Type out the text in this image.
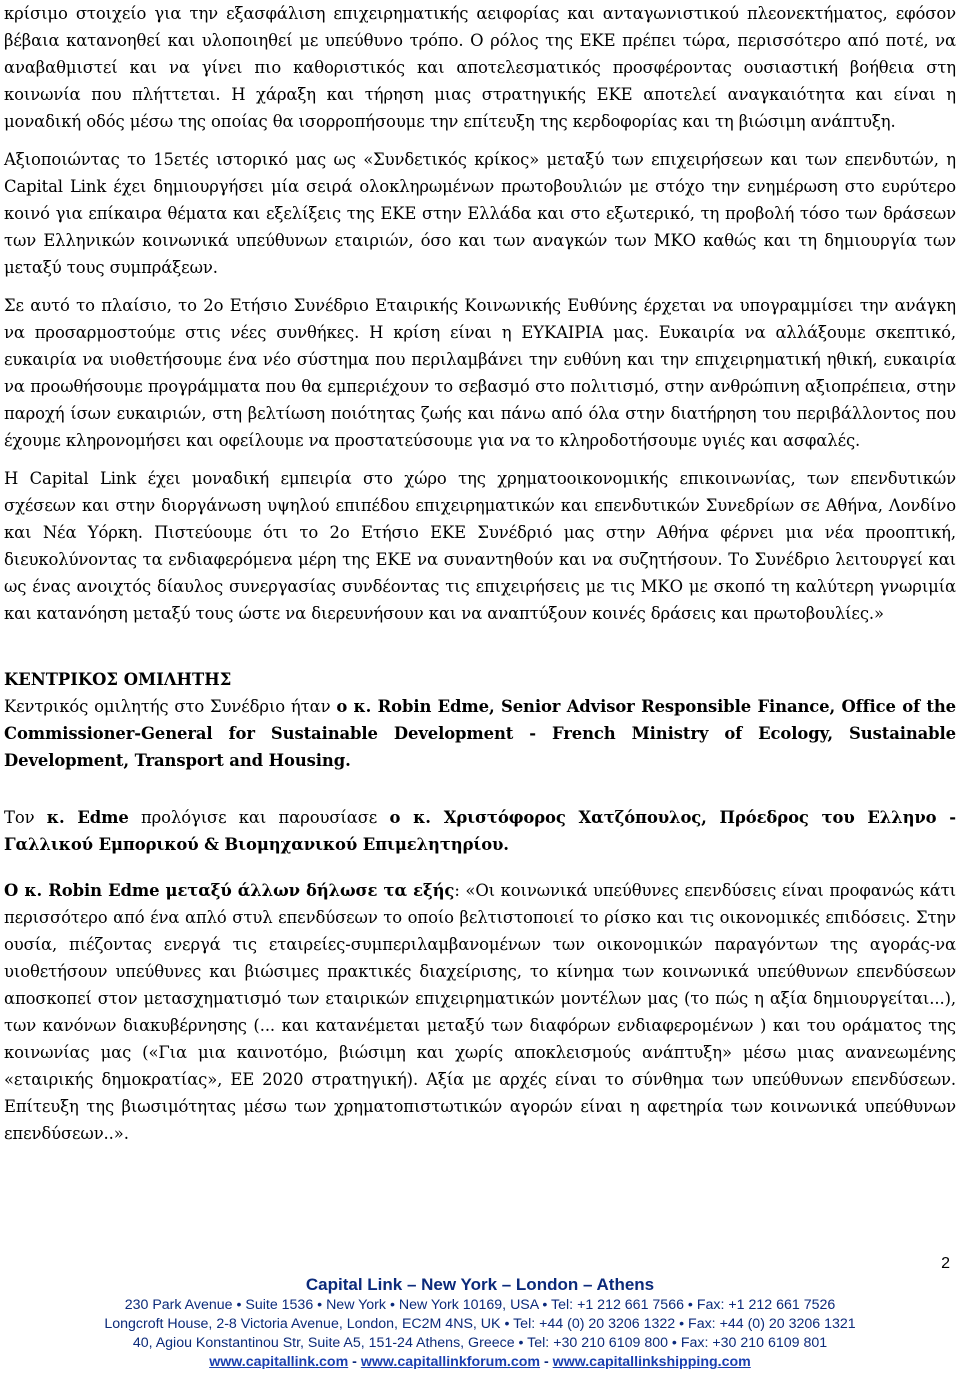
κρίσιμο στοιχείο για την εξασφάλιση επιχειρηματικής αειφορίας και ανταγωνιστικού πλεονεκτήματος, εφόσον βέβαια κατανοηθεί και υλοποιηθεί με υπεύθυνο τρόπο. Ο ρόλος της ΕΚΕ πρέπει τώρα, περισσότερο από ποτέ, να αναβαθμιστεί και να γίνει πιο καθοριστικός και αποτελεσματικός προσφέροντας ουσιαστική βοήθεια στη κοινωνία που πλήττεται. Η χάραξη και τήρηση μιας στρατηγικής ΕΚΕ αποτελεί αναγκαιότητα και είναι η μοναδική οδός μέσω της οποίας θα ισορροπήσουμε την επίτευξη της κερδοφορίας και τη βιώσιμη ανάπτυξη.

Αξιοποιώντας το 15ετές ιστορικό μας ως «Συνδετικός κρίκος» μεταξύ των επιχειρήσεων και των επενδυτών, η Capital Link έχει δημιουργήσει μία σειρά ολοκληρωμένων πρωτοβουλιών με στόχο την ενημέρωση στο ευρύτερο κοινό για επίκαιρα θέματα και εξελίξεις της ΕΚΕ στην Ελλάδα και στο εξωτερικό, τη προβολή τόσο των δράσεων των Ελληνικών κοινωνικά υπεύθυνων εταιριών, όσο και των αναγκών των ΜΚΟ καθώς και τη δημιουργία των μεταξύ τους συμπράξεων.

Σε αυτό το πλαίσιο, το 2ο Ετήσιο Συνέδριο Εταιρικής Κοινωνικής Ευθύνης έρχεται να υπογραμμίσει την ανάγκη να προσαρμοστούμε στις νέες συνθήκες. Η κρίση είναι η ΕΥΚΑΙΡΙΑ μας. Ευκαιρία να αλλάξουμε σκεπτικό, ευκαιρία να υιοθετήσουμε ένα νέο σύστημα που περιλαμβάνει την ευθύνη και την επιχειρηματική ηθική, ευκαιρία να προωθήσουμε προγράμματα που θα εμπεριέχουν το σεβασμό στο πολιτισμό, στην ανθρώπινη αξιοπρέπεια, στην παροχή ίσων ευκαιριών, στη βελτίωση ποιότητας ζωής και πάνω από όλα στην διατήρηση του περιβάλλοντος που έχουμε κληρονομήσει και οφείλουμε να προστατεύσουμε για να το κληροδοτήσουμε υγιές και ασφαλές.

Η Capital Link έχει μοναδική εμπειρία στο χώρο της χρηματοοικονομικής επικοινωνίας, των επενδυτικών σχέσεων και στην διοργάνωση υψηλού επιπέδου επιχειρηματικών και επενδυτικών Συνεδρίων σε Αθήνα, Λονδίνο και Νέα Υόρκη. Πιστεύουμε ότι το 2ο Ετήσιο ΕΚΕ Συνέδριό μας στην Αθήνα φέρνει μια νέα προοπτική, διευκολύνοντας τα ενδιαφερόμενα μέρη της ΕΚΕ να συναντηθούν και να συζητήσουν. Το Συνέδριο λειτουργεί και ως ένας ανοιχτός δίαυλος συνεργασίας συνδέοντας τις επιχειρήσεις με τις ΜΚΟ με σκοπό τη καλύτερη γνωριμία και κατανόηση μεταξύ τους ώστε να διερευνήσουν και να αναπτύξουν κοινές δράσεις και πρωτοβουλίες.»

ΚΕΝΤΡΙΚΟΣ ΟΜΙΛΗΤΗΣ

Κεντρικός ομιλητής στο Συνέδριο ήταν ο κ. Robin Edme, Senior Advisor Responsible Finance, Office of the Commissioner-General for Sustainable Development - French Ministry of Ecology, Sustainable Development, Transport and Housing.

Τον κ. Edme προλόγισε και παρουσίασε ο κ. Χριστόφορος Χατζόπουλος, Πρόεδρος του Ελληνο - Γαλλικού Εμπορικού & Βιομηχανικού Επιμελητηρίου.

Ο κ. Robin Edme μεταξύ άλλων δήλωσε τα εξής: «Οι κοινωνικά υπεύθυνες επενδύσεις είναι προφανώς κάτι περισσότερο από ένα απλό στυλ επενδύσεων το οποίο βελτιστοποιεί το ρίσκο και τις οικονομικές επιδόσεις. Στην ουσία, πιέζοντας ενεργά τις εταιρείες-συμπεριλαμβανομένων των οικονομικών παραγόντων της αγοράς-να υιοθετήσουν υπεύθυνες και βιώσιμες πρακτικές διαχείρισης, το κίνημα των κοινωνικά υπεύθυνων επενδύσεων αποσκοπεί στον μετασχηματισμό των εταιρικών επιχειρηματικών μοντέλων μας (το πώς η αξία δημιουργείται...), των κανόνων διακυβέρνησης (... και κατανέμεται μεταξύ των διαφόρων ενδιαφερομένων ) και του οράματος της κοινωνίας μας («Για μια καινοτόμο, βιώσιμη και χωρίς αποκλεισμούς ανάπτυξη» μέσω μιας ανανεωμένης «εταιρικής δημοκρατίας», ΕΕ 2020 στρατηγική). Αξία με αρχές είναι το σύνθημα των υπεύθυνων επενδύσεων. Επίτευξη της βιωσιμότητας μέσω των χρηματοπιστωτικών αγορών είναι η αφετηρία των κοινωνικά υπεύθυνων επενδύσεων..».

2
Capital Link – New York – London – Athens
230 Park Avenue • Suite 1536 • New York • New York 10169, USA • Tel: +1 212 661 7566 • Fax: +1 212 661 7526
Longcroft House, 2-8 Victoria Avenue, London, EC2M 4NS, UK • Tel: +44 (0) 20 3206 1322 • Fax: +44 (0) 20 3206 1321
40, Agiou Konstantinou Str, Suite A5, 151-24 Athens, Greece • Tel: +30 210 6109 800 • Fax: +30 210 6109 801
www.capitallink.com - www.capitallinkforum.com - www.capitallinkshipping.com
